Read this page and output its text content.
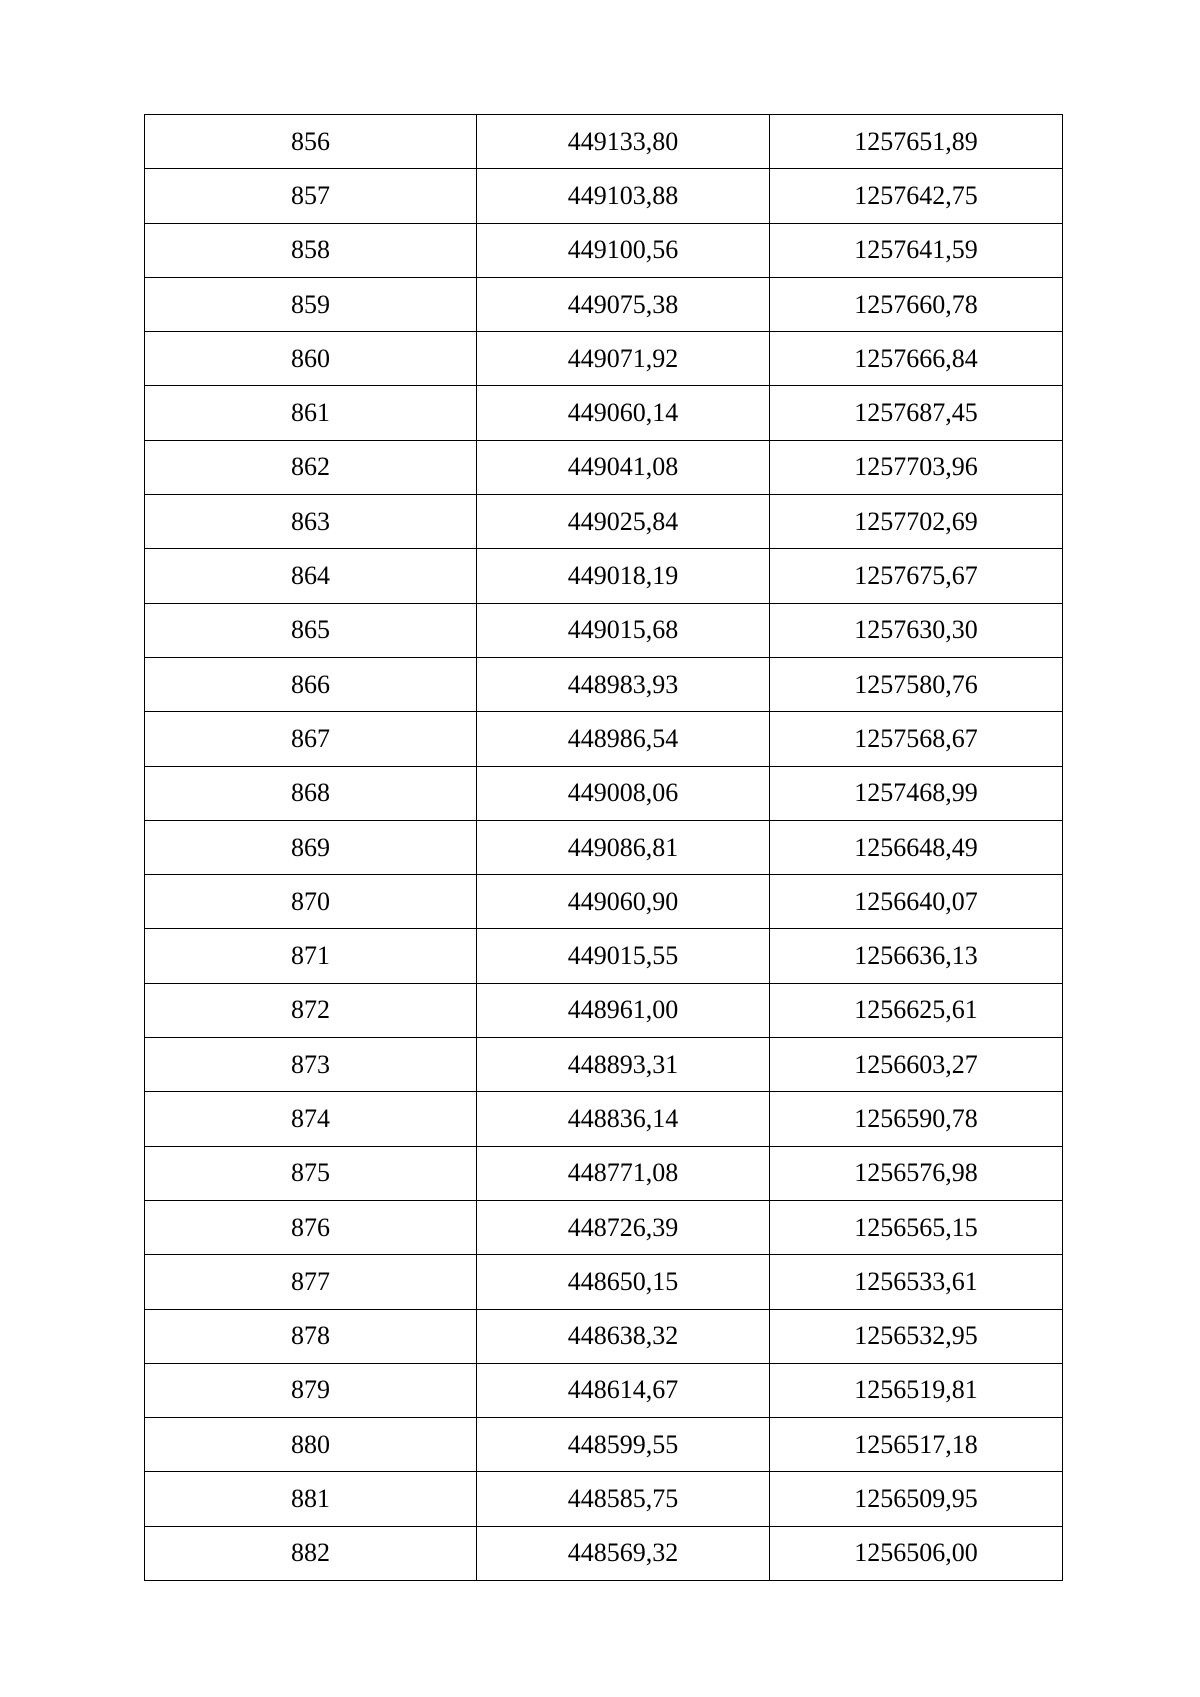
856	449133,80	1257651,89
857	449103,88	1257642,75
858	449100,56	1257641,59
859	449075,38	1257660,78
860	449071,92	1257666,84
861	449060,14	1257687,45
862	449041,08	1257703,96
863	449025,84	1257702,69
864	449018,19	1257675,67
865	449015,68	1257630,30
866	448983,93	1257580,76
867	448986,54	1257568,67
868	449008,06	1257468,99
869	449086,81	1256648,49
870	449060,90	1256640,07
871	449015,55	1256636,13
872	448961,00	1256625,61
873	448893,31	1256603,27
874	448836,14	1256590,78
875	448771,08	1256576,98
876	448726,39	1256565,15
877	448650,15	1256533,61
878	448638,32	1256532,95
879	448614,67	1256519,81
880	448599,55	1256517,18
881	448585,75	1256509,95
882	448569,32	1256506,00
